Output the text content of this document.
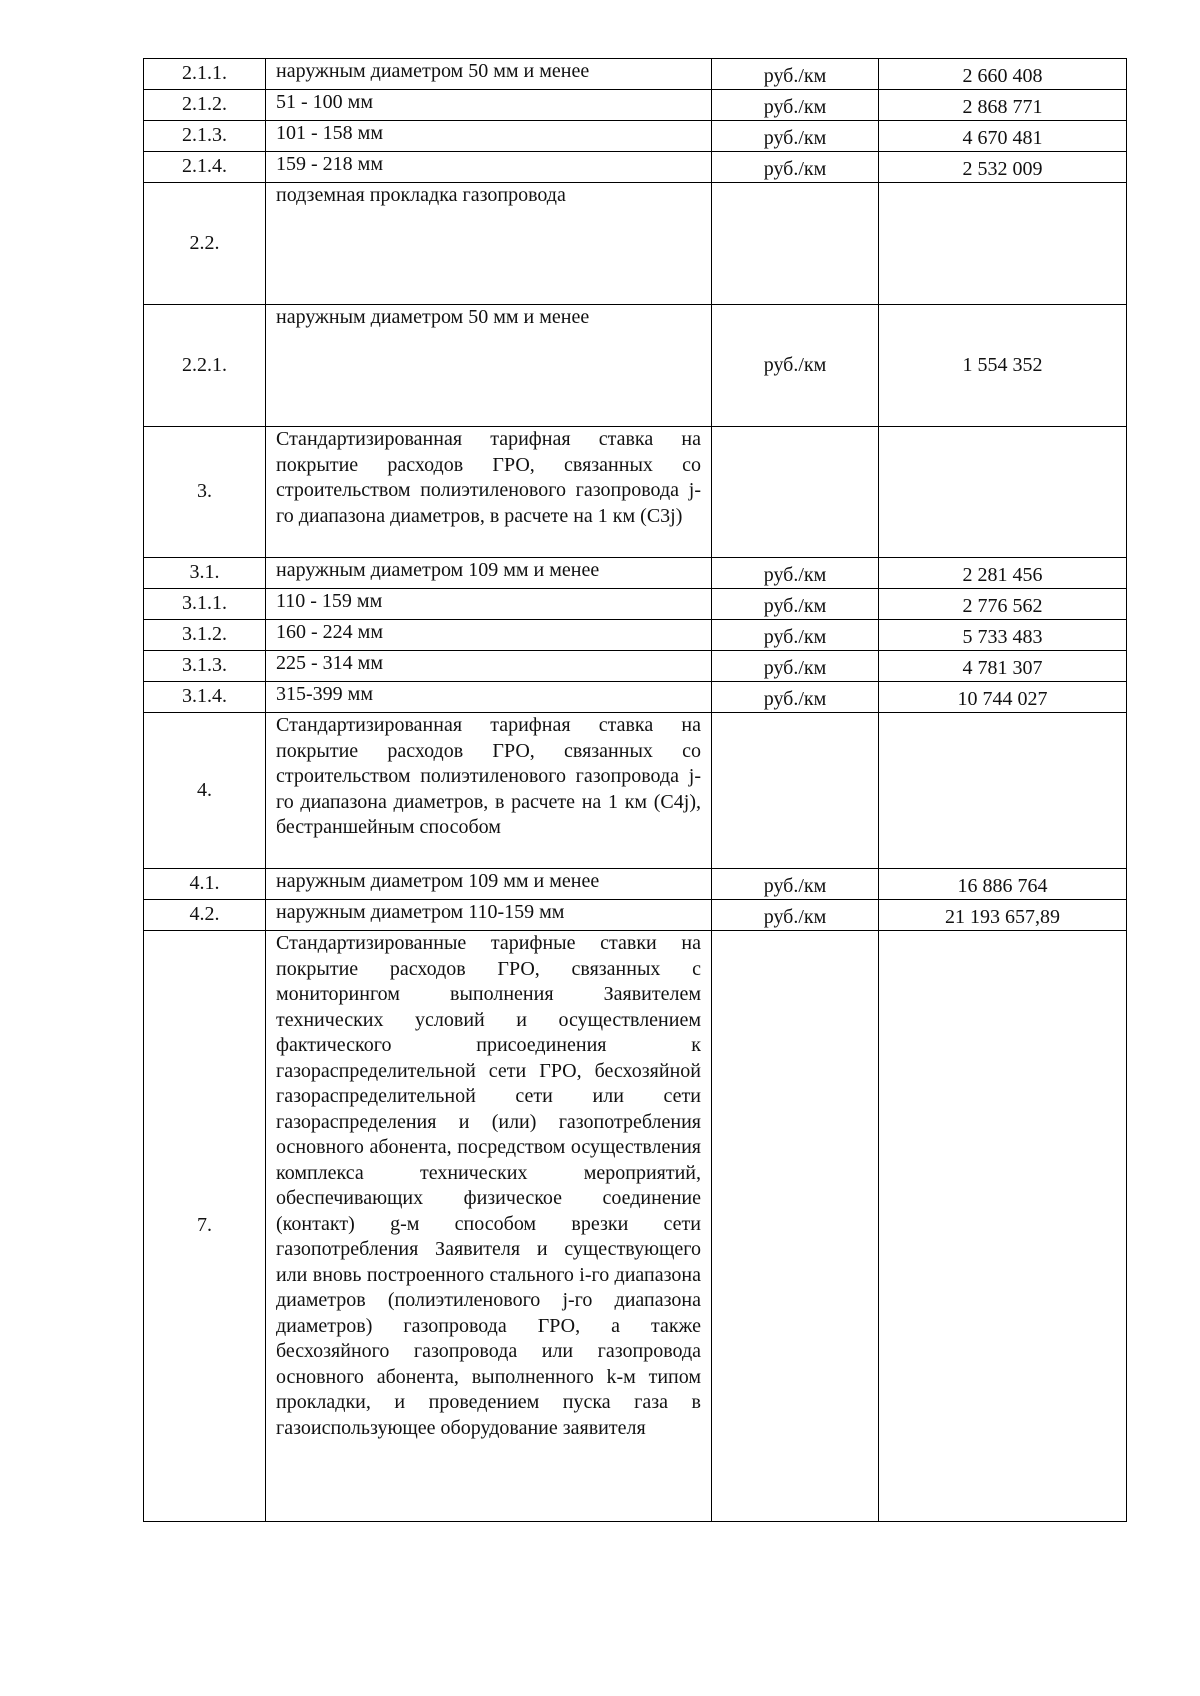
2.1.1.	наружным диаметром 50 мм и менее	руб./км	2 660 408
2.1.2.	51 - 100 мм	руб./км	2 868 771
2.1.3.	101 - 158 мм	руб./км	4 670 481
2.1.4.	159 - 218 мм	руб./км	2 532 009
2.2.	подземная прокладка газопровода		
2.2.1.	наружным диаметром 50 мм и менее	руб./км	1 554 352
3.	Стандартизированная тарифная ставка на покрытие расходов ГРО, связанных со строительством полиэтиленового газопровода j-го диапазона диаметров, в расчете на 1 км (С3j)		
3.1.	наружным диаметром 109 мм и менее	руб./км	2 281 456
3.1.1.	110 - 159 мм	руб./км	2 776 562
3.1.2.	160 - 224 мм	руб./км	5 733 483
3.1.3.	225 - 314 мм	руб./км	4 781 307
3.1.4.	315-399 мм	руб./км	10 744 027
4.	Стандартизированная тарифная ставка на покрытие расходов ГРО, связанных со строительством полиэтиленового газопровода j-го диапазона диаметров, в расчете на 1 км (С4j), бестраншейным способом		
4.1.	наружным диаметром 109 мм и менее	руб./км	16 886 764
4.2.	наружным диаметром 110-159 мм	руб./км	21 193 657,89
7.	Стандартизированные тарифные ставки на покрытие расходов ГРО, связанных с мониторингом выполнения Заявителем технических условий и осуществлением фактического присоединения к газораспределительной сети ГРО, бесхозяйной газораспределительной сети или сети газораспределения и (или) газопотребления основного абонента, посредством осуществления комплекса технических мероприятий, обеспечивающих физическое соединение (контакт) g-м способом врезки сети газопотребления Заявителя и существующего или вновь построенного стального i-го диапазона диаметров (полиэтиленового j-го диапазона диаметров) газопровода ГРО, а также бесхозяйного газопровода или газопровода основного абонента, выполненного k-м типом прокладки, и проведением пуска газа в газоиспользующее оборудование заявителя		
